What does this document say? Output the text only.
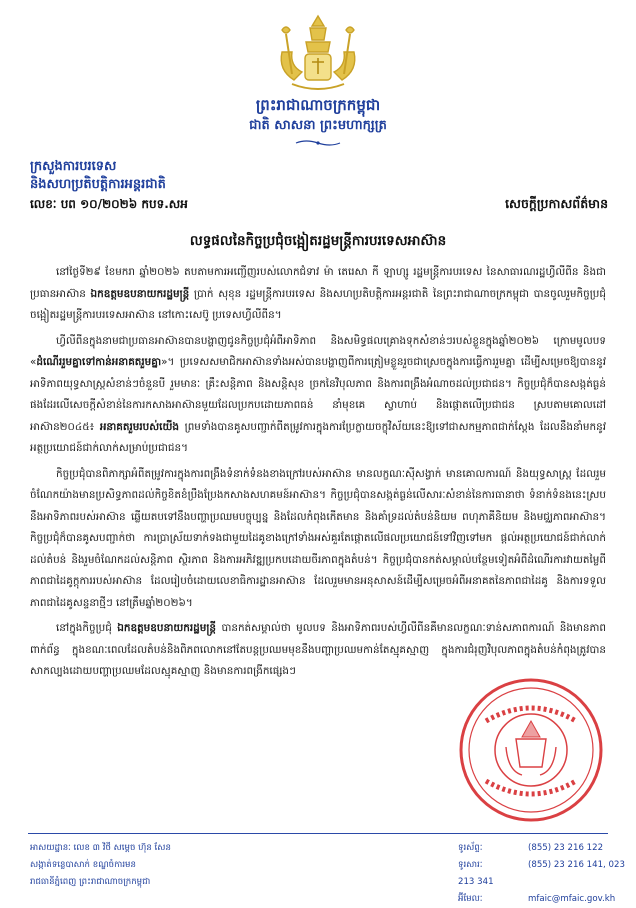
ព្រះរាជាណាចក្រកម្ពុជា
ជាតិ សាសនា ព្រះមហាក្សត្រ
ក្រសួងការបរទេស
និងសហប្រតិបត្តិការអន្តរជាតិ
លេខៈ បព ១០/២០២៦ កបទ.សអ	សេចក្តីប្រកាសព័ត៌មាន
លទ្ធផលនៃកិច្ចប្រជុំចង្អៀតរដ្ឋមន្ត្រីការបរទេសអាស៊ាន

នៅថ្ងៃទី២៩ ខែមករា ឆ្នាំ២០២៦ តបតាមការអញ្ជើញរបស់លោកជំទាវ ម៉ា តេរេសា កី ឡាហ្សូ រដ្ឋមន្ត្រីការបរទេស នៃសាធារណរដ្ឋហ្វីលីពីន និងជាប្រធានអាស៊ាន ឯកឧត្តមឧបនាយករដ្ឋមន្ត្រី ប្រាក់ សុខុន រដ្ឋមន្ត្រីការបរទេស និងសហប្រតិបត្តិការអន្តរជាតិ នៃព្រះរាជាណាចក្រកម្ពុជា បានចូលរួមកិច្ចប្រជុំចង្អៀតរដ្ឋមន្ត្រីការបរទេសអាស៊ាន នៅកោះសេប៊ូ ប្រទេសហ្វីលីពីន។

ហ្វីលីពីនក្នុងនាមជាប្រធានអាស៊ានបានបង្ហាញជូនកិច្ចប្រជុំអំពីអាទិភាព និងសមិទ្ធផលគ្រោងទុកសំខាន់ៗរបស់ខ្លួនក្នុងឆ្នាំ២០២៦ ក្រោមមូលបទ «ដំណើររួមគ្នាទៅកាន់អនាគតរួមគ្នា»។ ប្រទេសសមាជិកអាស៊ានទាំងអស់បានបង្ហាញពីការត្រៀមខ្លួនរួចជាស្រេចក្នុងការធ្វើការរួមគ្នា ដើម្បីសម្រេចឱ្យបាននូវអាទិភាពយុទ្ធសាស្ត្រសំខាន់ៗចំនួនបី រួមមានៈ គ្រឹះសន្តិភាព និងសន្តិសុខ ច្រកនៃវិបុលភាព និងការពង្រឹងអំណាចដល់ប្រជាជន។ កិច្ចប្រជុំក៏បានសង្កត់ធ្ងន់ផងដែរលើសេចក្តីសំខាន់នៃការកសាងអាស៊ានមួយដែលប្រកបដោយភាពធន់ នាំមុខគេ ស្វាហាប់ និងផ្តោតលើប្រជាជន ស្របតាមគោលដៅអាស៊ាន២០៤៥៖ អនាគតរួមរបស់យើង ព្រមទាំងបានគូសបញ្ជាក់ពីតម្រូវការក្នុងការប្រែក្លាយចក្ខុវិស័យនេះឱ្យទៅជាសកម្មភាពជាក់ស្តែង ដែលនឹងនាំមកនូវអត្ថប្រយោជន៍ជាក់លាក់សម្រាប់ប្រជាជន។

កិច្ចប្រជុំបានពិភាក្សាអំពីតម្រូវការក្នុងការពង្រឹងទំនាក់ទំនងខាងក្រៅរបស់អាស៊ាន មានលក្ខណៈស៊ីសង្វាក់ មានគោលការណ៍ និងយុទ្ធសាស្ត្រ ដែលរួមចំណែកយ៉ាងមានប្រសិទ្ធភាពដល់កិច្ចខិតខំប្រឹងប្រែងកសាងសហគមន៍អាស៊ាន។ កិច្ចប្រជុំបានសង្កត់ធ្ងន់លើសារៈសំខាន់នៃការធានាថា ទំនាក់ទំនងនេះស្របនឹងអាទិភាពរបស់អាស៊ាន ឆ្លើយតបទៅនឹងបញ្ហាប្រឈមបច្ចុប្បន្ន និងដែលកំពុងកើតមាន និងគាំទ្រដល់តំបន់និយម ពហុភាគីនិយម និងមជ្ឈភាពអាស៊ាន។ កិច្ចប្រជុំក៏បានគូសបញ្ជាក់ថា ការប្រាស្រ័យទាក់ទងជាមួយដៃគូខាងក្រៅទាំងអស់គួរតែផ្តោតលើផលប្រយោជន៍ទៅវិញទៅមក ផ្តល់អត្ថប្រយោជន៍ជាក់លាក់ដល់តំបន់ និងរួមចំណែកដល់សន្តិភាព ស្ថិរភាព និងការអភិវឌ្ឍប្រកបដោយចីរភាពក្នុងតំបន់។ កិច្ចប្រជុំបានកត់សម្គាល់បន្ថែមទៀតអំពីដំណើរការវាយតម្លៃពីភាពជាដៃគូក្តុការរបស់អាស៊ាន ដែលរៀបចំដោយលេខាធិការដ្ឋានអាស៊ាន ដែលរួមមានអនុសាសន៍ដើម្បីសម្រេចអំពីអនាគតនៃភាពជាដៃគូ និងការទទួលភាពជាដៃគូសន្ទនាថ្មីៗ នៅត្រឹមឆ្នាំ២០២៦។

នៅក្នុងកិច្ចប្រជុំ ឯកឧត្តមឧបនាយករដ្ឋមន្ត្រី បានកត់សម្គាល់ថា មូលបទ និងអាទិភាពរបស់ហ្វីលីពីនគឺមានលក្ខណៈទាន់សភាពការណ៍ និងមានភាពពាក់ព័ន្ធ ក្នុងខណៈពេលដែលតំបន់និងពិភពលោកនៅតែបន្តប្រឈមមុខនឹងបញ្ហាប្រឈមកាន់តែស្មុគស្មាញ ក្នុងការជំរុញវិបុលភាពក្នុងតំបន់កំពុងត្រូវបានសាកល្បងដោយបញ្ហាប្រឈមដែលស្មុគស្មាញ និងមានការពង្រីកផ្សេងៗ

អាសយដ្ឋានៈ លេខ ៣ វិថី សម្តេច ហ៊ុន សែន
សង្កាត់ទន្លេបាសាក់ ខណ្ឌចំការមន
រាជធានីភ្នំពេញ ព្រះរាជាណាចក្រកម្ពុជា
ទូរស័ព្ទៈ	(855) 23 216 122
ទូរសារៈ	(855) 23 216 141, 023 213 341
អ៊ីមែលៈ	mfaic@mfaic.gov.kh
